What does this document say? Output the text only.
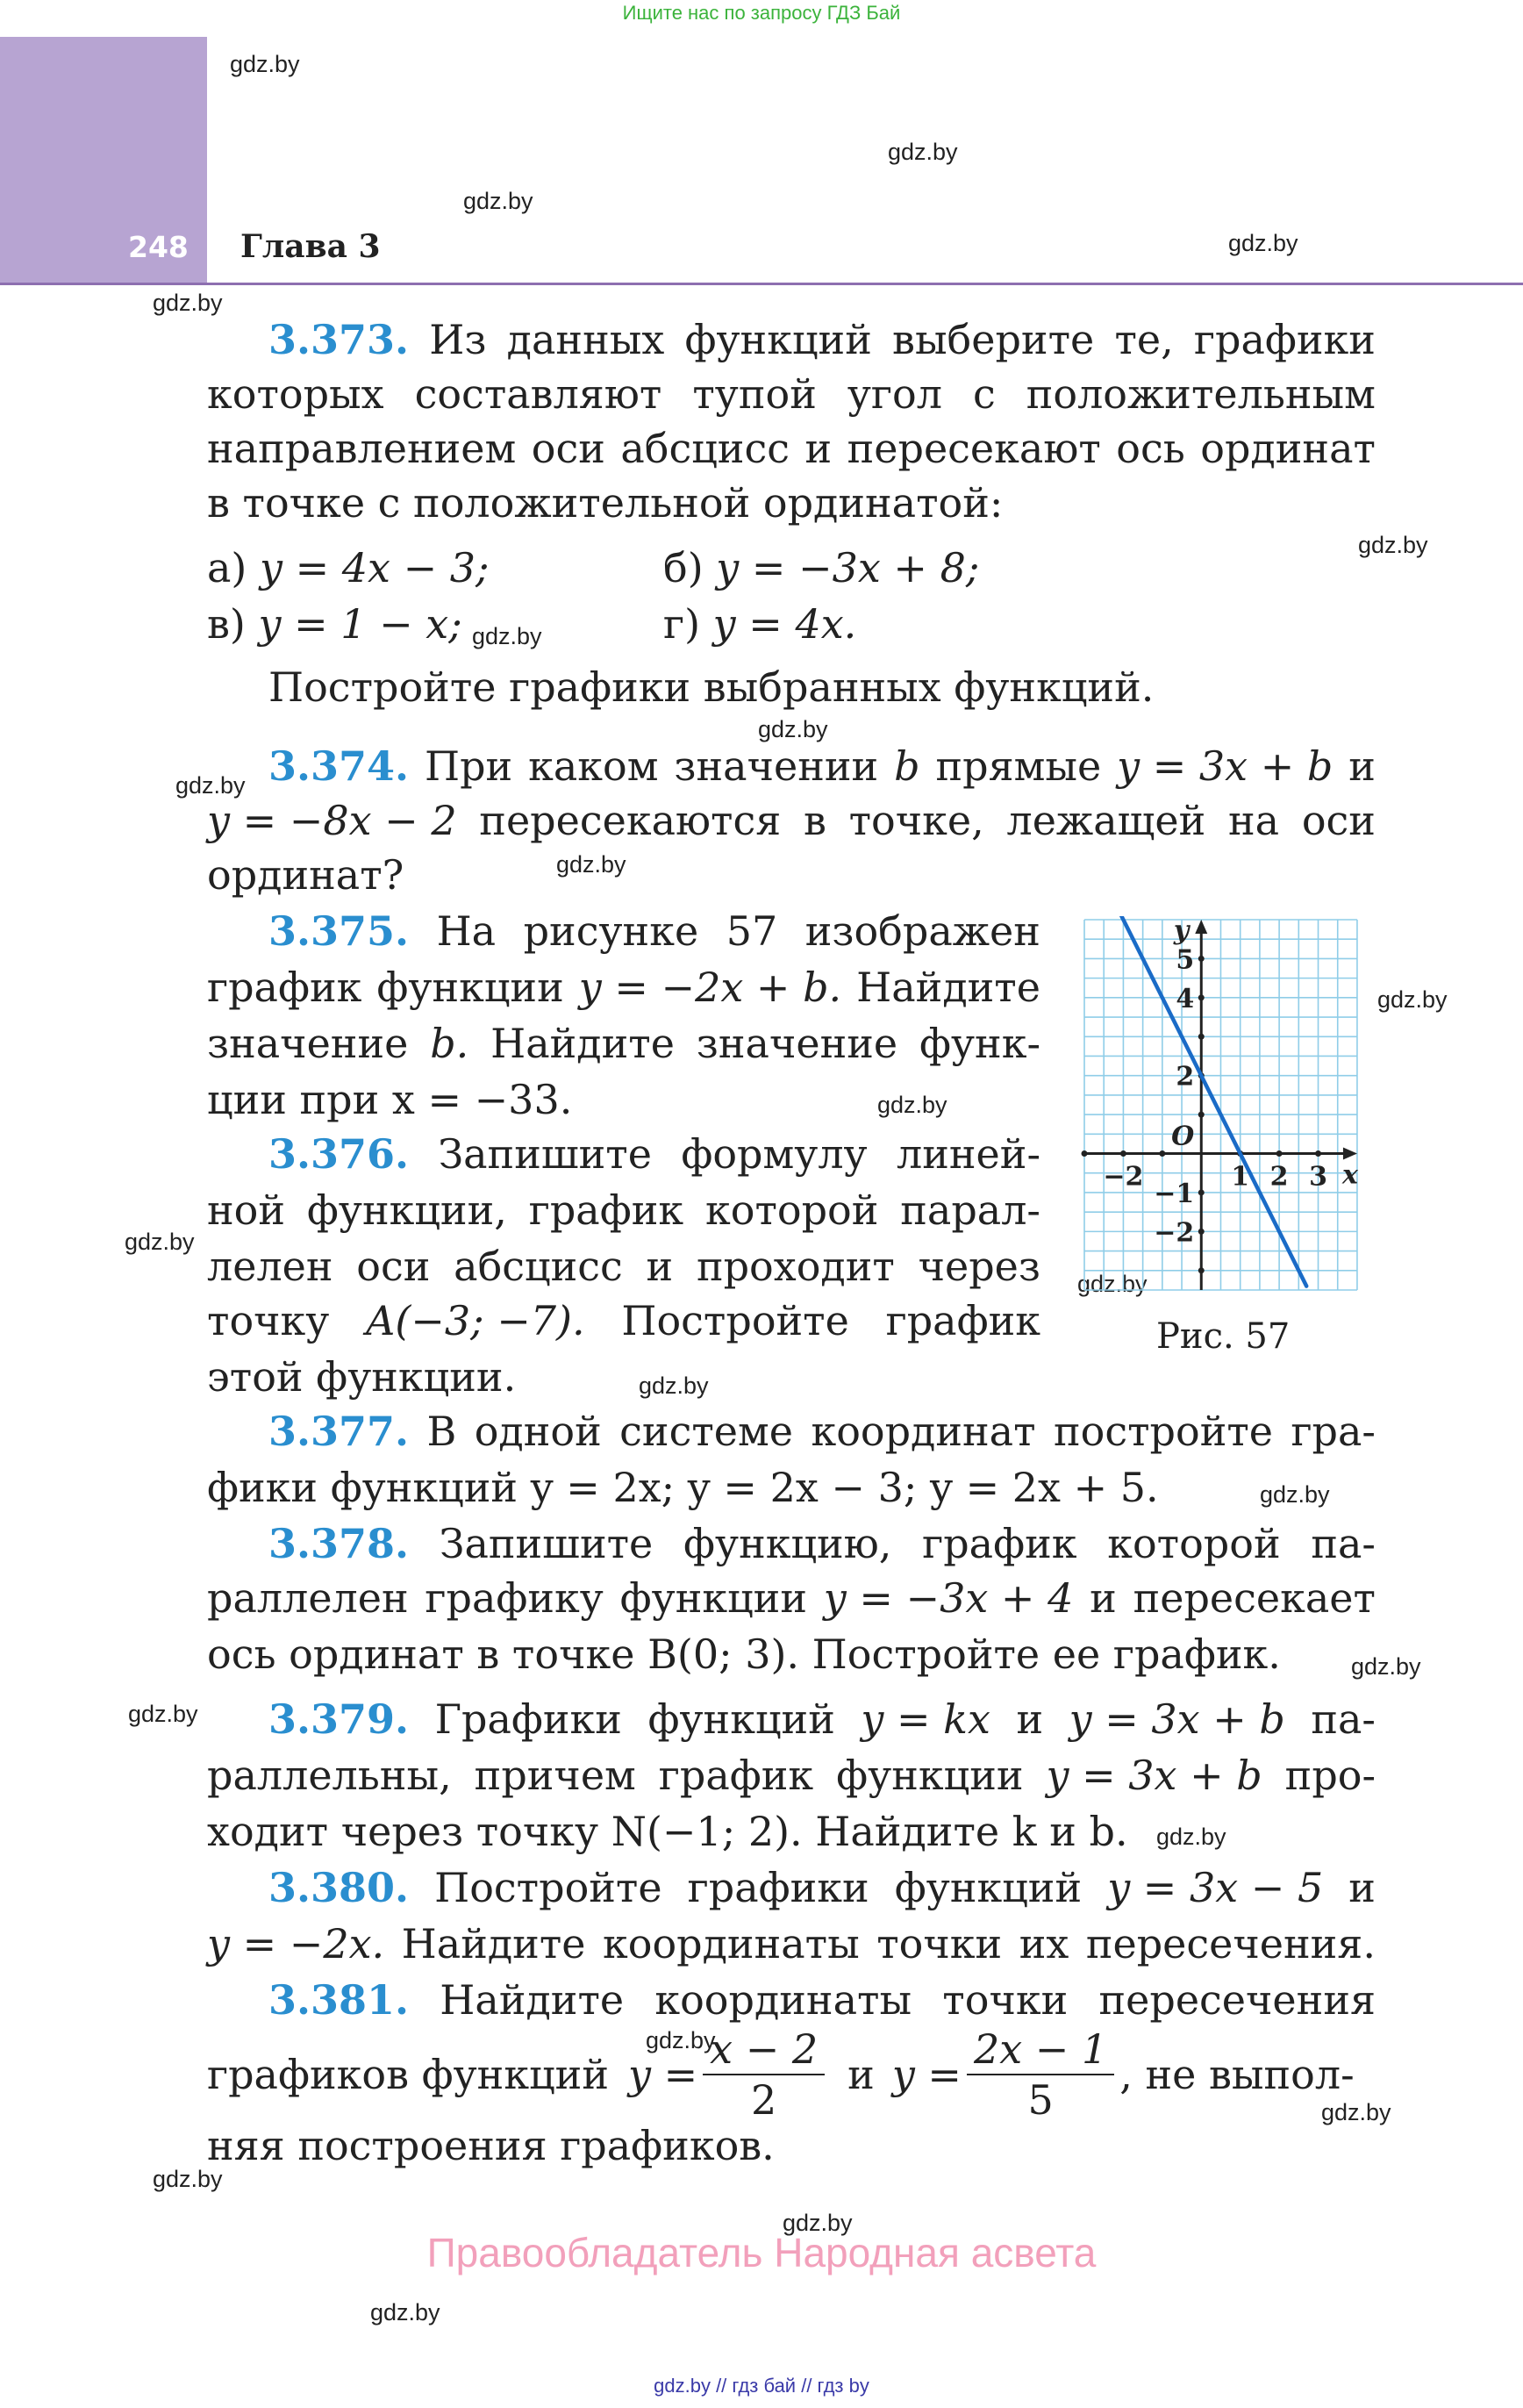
Ищите нас по запросу ГДЗ Бай
248 Глава 3
gdz.by
gdz.by
gdz.by
gdz.by
gdz.by
gdz.by
gdz.by
gdz.by
gdz.by
gdz.by
gdz.by
gdz.by
gdz.by
gdz.by
gdz.by
gdz.by
gdz.by
gdz.by
gdz.by
gdz.by
gdz.by
gdz.by
gdz.by
gdz.by
3.373. Из данных функций выберите те, графики
которых составляют тупой угол с положительным
направлением оси абсцисс и пересекают ось ординат
в точке с положительной ординатой:
а) y = 4x − 3;	б) y = −3x + 8;
в) y = 1 − x;	г) y = 4x.
Постройте графики выбранных функций.
3.374. При каком значении b прямые y = 3x + b и
y = −8x − 2 пересекаются в точке, лежащей на оси
ординат?
3.375. На рисунке 57 изображен
график функции y = −2x + b. Найдите
значение b. Найдите значение функ-
ции при x = −33.
3.376. Запишите формулу линей-
ной функции, график которой парал-
лелен оси абсцисс и проходит через
точку A(−3; −7). Постройте график
этой функции.
−2	1 2 3
5
4
2
−1
−2
O
x
y
Рис. 57
3.377. В одной системе координат постройте гра-
фики функций y = 2x; y = 2x − 3; y = 2x + 5.
3.378. Запишите функцию, график которой па-
раллелен графику функции y = −3x + 4 и пересекает
ось ординат в точке B(0; 3). Постройте ее график.
3.379. Графики функций y = kx и y = 3x + b па-
раллельны, причем график функции y = 3x + b про-
ходит через точку N(−1; 2). Найдите k и b.
3.380. Постройте графики функций y = 3x − 5 и
y = −2x. Найдите координаты точки их пересечения.
3.381. Найдите координаты точки пересечения
графиков функций $y = \frac{x - 2}{2}$ и $y = \frac{2x - 1}{5}$ , не выпол-
няя построения графиков.
Правообладатель Народная асвета
gdz.by // гдз бай // гдз by
